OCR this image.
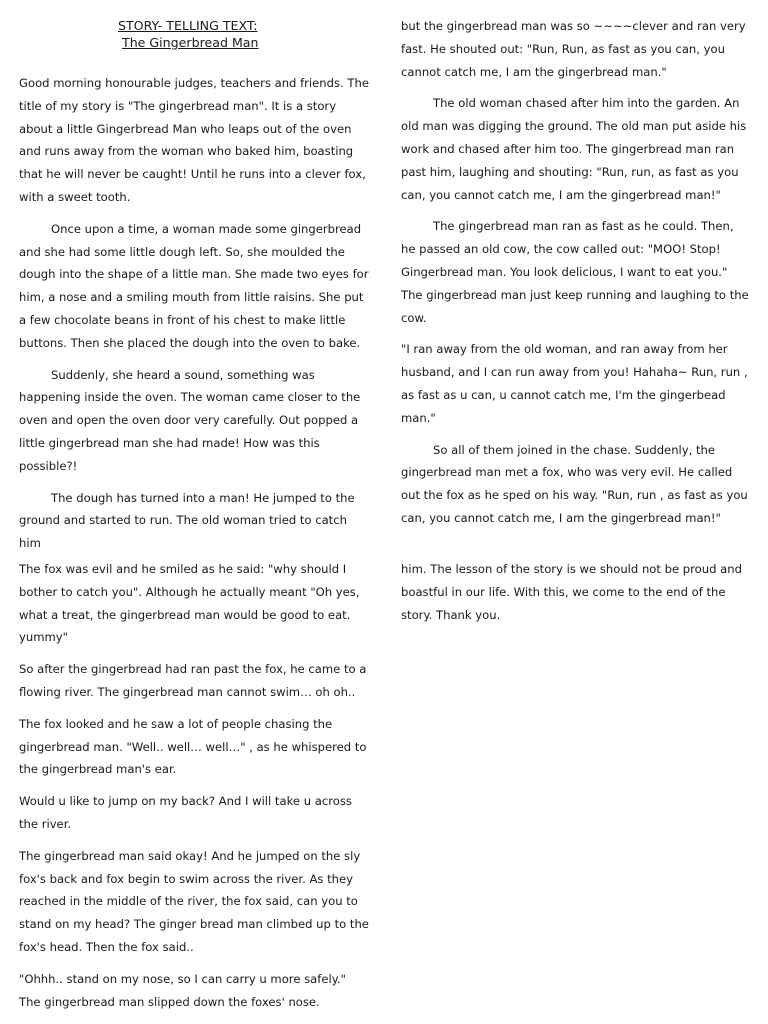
STORY- TELLING TEXT:
The Gingerbread Man

Good morning honourable judges, teachers and friends. The title of my story is "The gingerbread man". It is a story about a little Gingerbread Man who leaps out of the oven and runs away from the woman who baked him, boasting that he will never be caught! Until he runs into a clever fox, with a sweet tooth.

Once upon a time, a woman made some gingerbread and she had some little dough left. So, she moulded the dough into the shape of a little man. She made two eyes for him, a nose and a smiling mouth from little raisins. She put a few chocolate beans in front of his chest to make little buttons. Then she placed the dough into the oven to bake.

Suddenly, she heard a sound, something was happening inside the oven. The woman came closer to the oven and open the oven door very carefully. Out popped a little gingerbread man she had made! How was this possible?!

The dough has turned into a man! He jumped to the ground and started to run. The old woman tried to catch him

but the gingerbread man was so ~~~~clever and ran very fast. He shouted out: "Run, Run, as fast as you can, you cannot catch me, I am the gingerbread man."

The old woman chased after him into the garden. An old man was digging the ground. The old man put aside his work and chased after him too. The gingerbread man ran past him, laughing and shouting: "Run, run, as fast as you can, you cannot catch me, I am the gingerbread man!"

The gingerbread man ran as fast as he could. Then, he passed an old cow, the cow called out: "MOO! Stop! Gingerbread man. You look delicious, I want to eat you." The gingerbread man just keep running and laughing to the cow.

"I ran away from the old woman, and ran away from her husband, and I can run away from you! Hahaha~ Run, run , as fast as u can, u cannot catch me, I'm the gingerbead man."

So all of them joined in the chase. Suddenly, the gingerbread man met a fox, who was very evil. He called out the fox as he sped on his way. "Run, run , as fast as you can, you cannot catch me, I am the gingerbread man!"

The fox was evil and he smiled as he said: "why should I bother to catch you". Although he actually meant "Oh yes, what a treat, the gingerbread man would be good to eat. yummy"

So after the gingerbread had ran past the fox, he came to a flowing river. The gingerbread man cannot swim… oh oh..

The fox looked and he saw a lot of people chasing the gingerbread man. "Well.. well… well…" , as he whispered to the gingerbread man's ear.

Would u like to jump on my back? And I will take u across the river.

The gingerbread man said okay! And he jumped on the sly fox's back and fox begin to swim across the river. As they reached in the middle of the river, the fox said, can you to stand on my head? The ginger bread man climbed up to the fox's head. Then the fox said..

"Ohhh.. stand on my nose, so I can carry u more safely." The gingerbread man slipped down the foxes' nose.

him. The lesson of the story is we should not be proud and boastful in our life. With this, we come to the end of the story. Thank you.
